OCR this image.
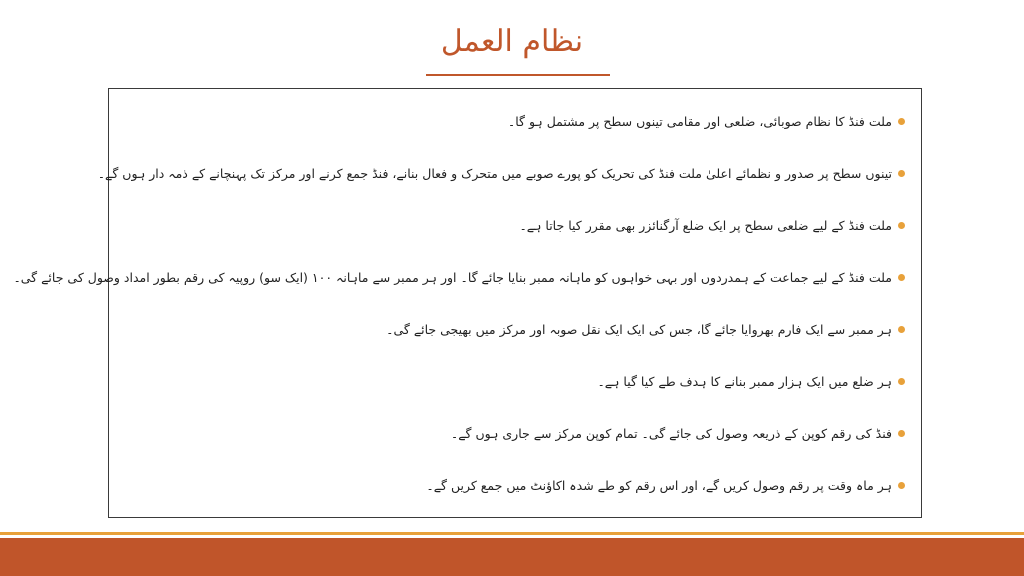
نظام العمل
ملت فنڈ کا نظام صوبائی، ضلعی اور مقامی تینوں سطح پر مشتمل ہو گا۔
تینوں سطح پر صدور و نظمائے اعلیٰ ملت فنڈ کی تحریک کو پورے صوبے میں متحرک و فعال بنانے، فنڈ جمع کرنے اور مرکز تک پہنچانے کے ذمہ دار ہوں گے۔
ملت فنڈ کے لیے ضلعی سطح پر ایک ضلع آرگنائزر بھی مقرر کیا جاتا ہے۔
ملت فنڈ کے لیے جماعت کے ہمدردوں اور بہی خواہوں کو ماہانہ ممبر بنایا جائے گا۔ اور ہر ممبر سے ماہانہ ۱۰۰ (ایک سو) روپیہ کی رقم بطور امداد وصول کی جائے گی۔
ہر ممبر سے ایک فارم بھروایا جائے گا، جس کی ایک ایک نقل صوبہ اور مرکز میں بھیجی جائے گی۔
ہر ضلع میں ایک ہزار ممبر بنانے کا ہدف طے کیا گیا ہے۔
فنڈ کی رقم کوپن کے ذریعہ وصول کی جائے گی۔ تمام کوپن مرکز سے جاری ہوں گے۔
ہر ماہ وقت پر رقم وصول کریں گے، اور اس رقم کو طے شدہ اکاؤنٹ میں جمع کریں گے۔
